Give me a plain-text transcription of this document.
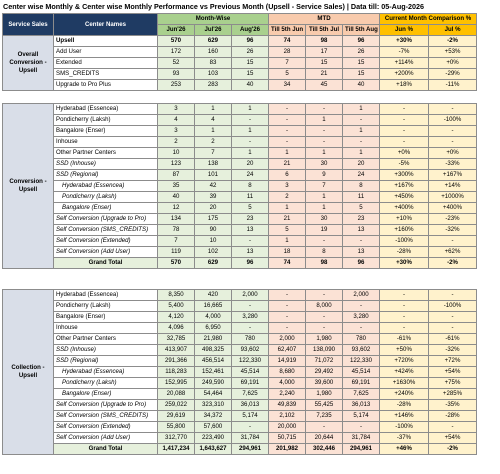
Center wise Monthly & Center wise Monthly Performance vs Previous Month (Upsell - Service Sales) | Data till: 05-Aug-2026
Service Sales	Center Names	Month-Wise			MTD			Current Month Comparison %	
		Jun'26	Jul'26	Aug'26	Till 5th Jun	Till 5th Jul	Till 5th Aug	Jun %	Jul %
Overall Conversion - Upsell	Upsell	570	629	96	74	98	96	+30%	-2%
	Add User	172	160	26	28	17	26	-7%	+53%
	Extended	52	83	15	7	15	15	+114%	+0%
	SMS_CREDITS	93	103	15	5	21	15	+200%	-29%
	Upgrade to Pro Plus	253	283	40	34	45	40	+18%	-11%
Conversion - Upsell	Hyderabad (Essencea)	3	1	1	-	-	1	-	-
	Pondicherry (Laksh)	4	4	-	-	1	-	-	-100%
	Bangalore (Enser)	3	1	1	-	-	1	-	-
	Inhouse	2	2	-	-	-	-	-	-
	Other Partner Centers	10	7	1	1	1	1	+0%	+0%
	SSD (Inhouse)	123	138	20	21	30	20	-5%	-33%
	SSD (Regional)	87	101	24	6	9	24	+300%	+167%
	Hyderabad (Essencea)	35	42	8	3	7	8	+167%	+14%
	Pondicherry (Laksh)	40	39	11	2	1	11	+450%	+1000%
	Bangalore (Enser)	12	20	5	1	1	5	+400%	+400%
	Self Conversion (Upgrade to Pro)	134	175	23	21	30	23	+10%	-23%
	Self Conversion (SMS_CREDITS)	78	90	13	5	19	13	+160%	-32%
	Self Conversion (Extended)	7	10	-	1	-	-	-100%	-
	Self Conversion (Add User)	119	102	13	18	8	13	-28%	+62%
	Grand Total	570	629	96	74	98	96	+30%	-2%
Collection - Upsell	Hyderabad (Essencea)	8,350	420	2,000	-	-	2,000	-	-
	Pondicherry (Laksh)	5,400	16,665	-	-	8,000	-	-	-100%
	Bangalore (Enser)	4,120	4,000	3,280	-	-	3,280	-	-
	Inhouse	4,096	6,950	-	-	-	-	-	-
	Other Partner Centers	32,785	21,980	780	2,000	1,980	780	-61%	-61%
	SSD (Inhouse)	413,907	498,325	93,602	62,407	138,090	93,602	+50%	-32%
	SSD (Regional)	291,366	456,514	122,330	14,919	71,072	122,330	+720%	+72%
	Hyderabad (Essencea)	118,283	152,461	45,514	8,680	29,492	45,514	+424%	+54%
	Pondicherry (Laksh)	152,995	249,590	69,191	4,000	39,600	69,191	+1630%	+75%
	Bangalore (Enser)	20,088	54,464	7,625	2,240	1,980	7,625	+240%	+285%
	Self Conversion (Upgrade to Pro)	259,022	323,310	36,013	49,839	55,425	36,013	-28%	-35%
	Self Conversion (SMS_CREDITS)	29,619	34,372	5,174	2,102	7,235	5,174	+146%	-28%
	Self Conversion (Extended)	55,800	57,600	-	20,000	-	-	-100%	-
	Self Conversion (Add User)	312,770	223,490	31,784	50,715	20,644	31,784	-37%	+54%
	Grand Total	1,417,234	1,643,627	294,961	201,982	302,446	294,961	+46%	-2%
